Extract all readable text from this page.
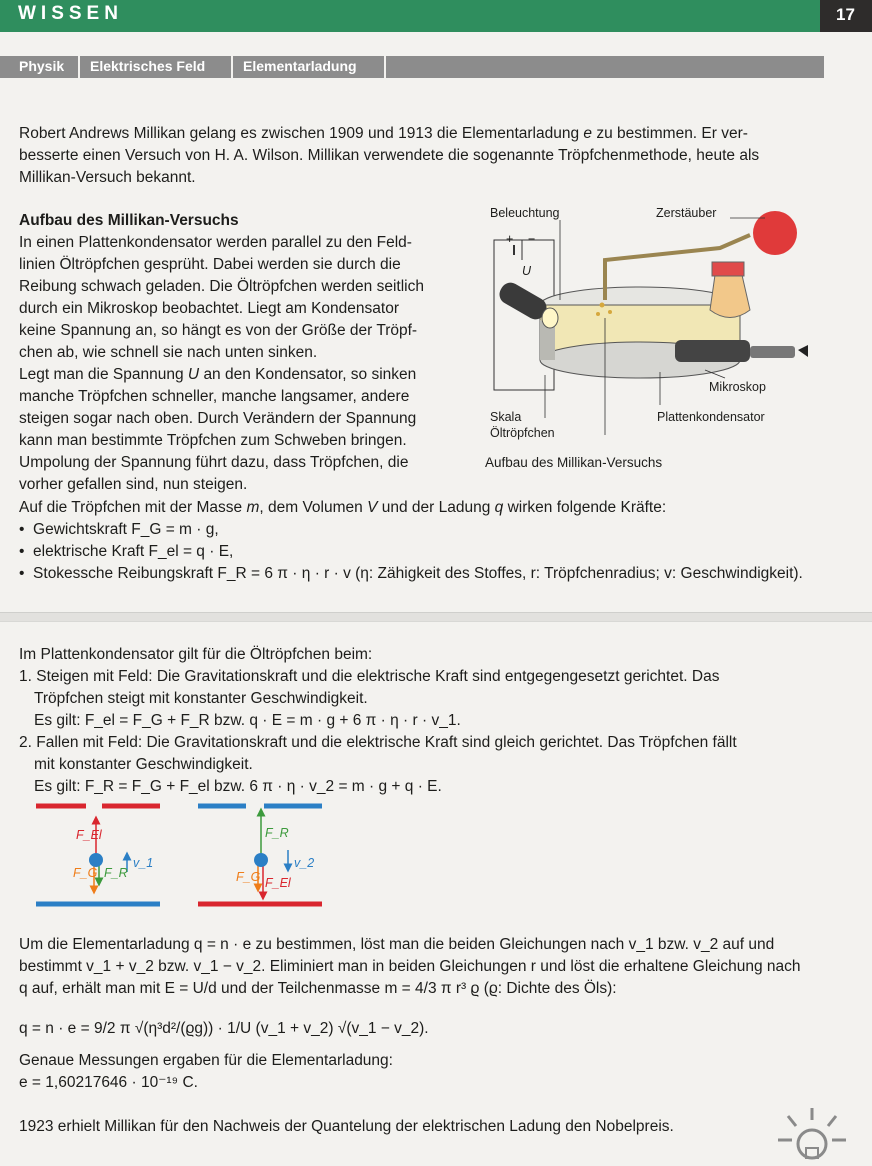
WISSEN	17
Physik Elektrisches Feld	Elementarladung

Robert Andrews Millikan gelang es zwischen 1909 und 1913 die Elementarladung e zu bestimmen. Er ver-

besserte einen Versuch von H. A. Wilson. Millikan verwendete die sogenannte Tröpfchenmethode, heute als

Millikan-Versuch bekannt.

Aufbau des Millikan-Versuchs

In einen Plattenkondensator werden parallel zu den Feld-

linien Öltröpfchen gesprüht. Dabei werden sie durch die

Reibung schwach geladen. Die Öltröpfchen werden seitlich

durch ein Mikroskop beobachtet. Liegt am Kondensator

keine Spannung an, so hängt es von der Größe der Tröpf-

chen ab, wie schnell sie nach unten sinken.

Legt man die Spannung U an den Kondensator, so sinken

manche Tröpfchen schneller, manche langsamer, andere

steigen sogar nach oben. Durch Verändern der Spannung

kann man bestimmte Tröpfchen zum Schweben bringen.

Umpolung der Spannung führt dazu, dass Tröpfchen, die

vorher gefallen sind, nun steigen.

Beleuchtung	Zerstäuber
+ −
U
Mikroskop
Plattenkondensator
Skala
Öltröpfchen
Aufbau des Millikan-Versuchs

Auf die Tröpfchen mit der Masse m, dem Volumen V und der Ladung q wirken folgende Kräfte:

•  Gewichtskraft F_G = m · g,

•  elektrische Kraft F_el = q · E,

•  Stokessche Reibungskraft F_R = 6 π · η · r · v (η: Zähigkeit des Stoffes, r: Tröpfchenradius; v: Geschwindigkeit).

Im Plattenkondensator gilt für die Öltröpfchen beim:

1. Steigen mit Feld: Die Gravitationskraft und die elektrische Kraft sind entgegengesetzt gerichtet. Das

Tröpfchen steigt mit konstanter Geschwindigkeit.

Es gilt: F_el = F_G + F_R bzw. q · E = m · g + 6 π · η · r · v_1.

2. Fallen mit Feld: Die Gravitationskraft und die elektrische Kraft sind gleich gerichtet. Das Tröpfchen fällt

mit konstanter Geschwindigkeit.

Es gilt: F_R = F_G + F_el bzw. 6 π · η · v_2 = m · g + q · E.

F_El
F_G F_R
v_1
F_R
F_G F_El
v_2

Um die Elementarladung q = n · e zu bestimmen, löst man die beiden Gleichungen nach v_1 bzw. v_2 auf und

bestimmt v_1 + v_2 bzw. v_1 − v_2. Eliminiert man in beiden Gleichungen r und löst die erhaltene Gleichung nach

q auf, erhält man mit E = U/d und der Teilchenmasse m = 4/3 π r³ ϱ (ϱ: Dichte des Öls):

q = n · e = 9/2 π √(η³d²/(ϱg)) · 1/U (v_1 + v_2) √(v_1 − v_2).

Genaue Messungen ergaben für die Elementarladung:

e = 1,60217646 · 10⁻¹⁹ C.

1923 erhielt Millikan für den Nachweis der Quantelung der elektrischen Ladung den Nobelpreis.
